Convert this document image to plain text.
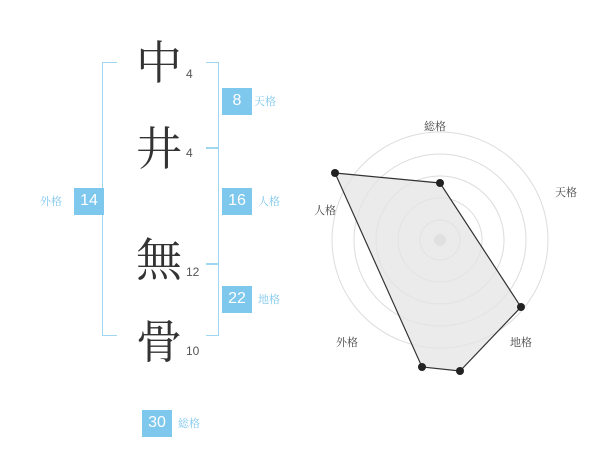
中 4
井 4
無 12
骨 10
14
外格
8	天格
16	人格
22	地格
30	総格
総格
天格
地格
外格
人格
